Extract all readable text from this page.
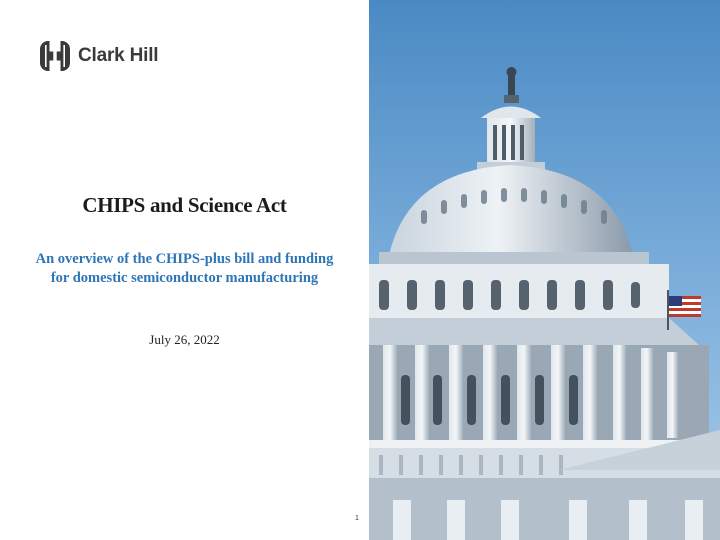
Clark Hill
CHIPS and Science Act
An overview of the CHIPS-plus bill and funding for domestic semiconductor manufacturing
July 26, 2022
1
